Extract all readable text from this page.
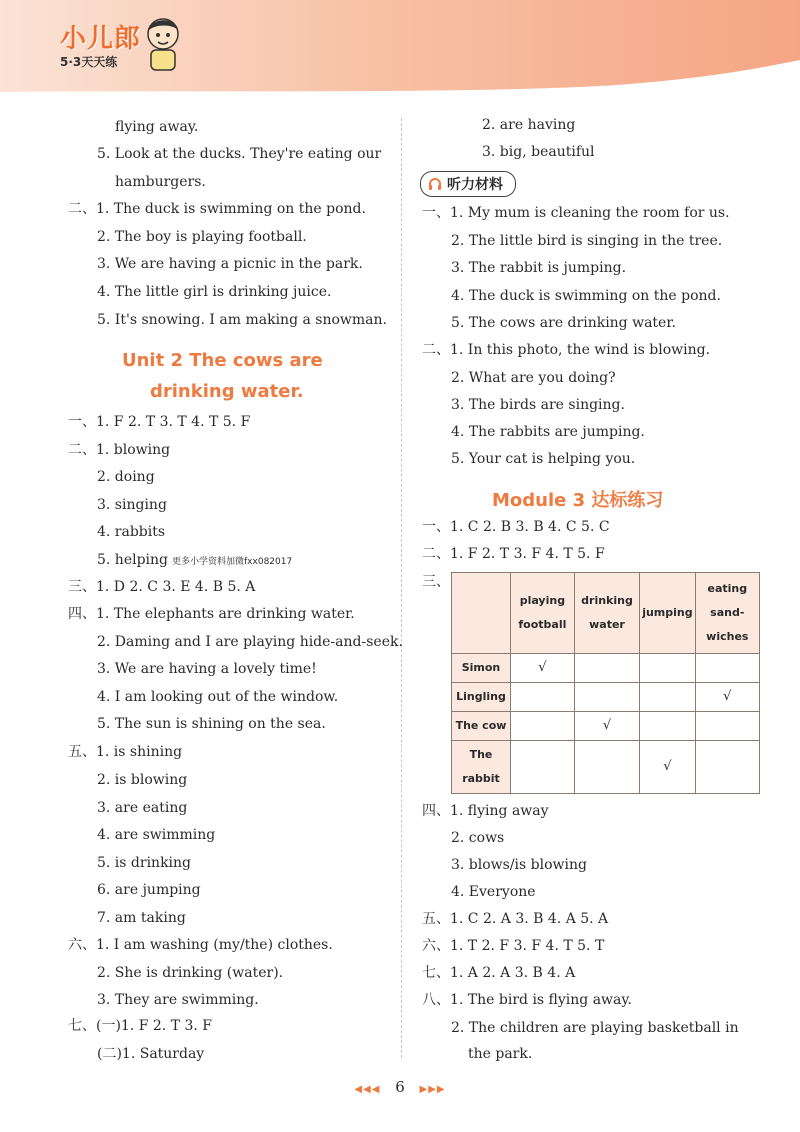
小儿郎
5·3天天练
flying away.
5. Look at the ducks. They're eating our
hamburgers.
二、1. The duck is swimming on the pond.
2. The boy is playing football.
3. We are having a picnic in the park.
4. The little girl is drinking juice.
5. It's snowing. I am making a snowman.
一、1. F 2. T 3. T 4. T 5. F
二、1. blowing
2. doing
3. singing
4. rabbits
三、1. D 2. C 3. E 4. B 5. A
四、1. The elephants are drinking water.
2. Daming and I are playing hide-and-seek.
3. We are having a lovely time!
4. I am looking out of the window.
5. The sun is shining on the sea.
五、1. is shining
2. is blowing
3. are eating
4. are swimming
5. is drinking
6. are jumping
7. am taking
六、1. I am washing (my/the) clothes.
2. She is drinking (water).
3. They are swimming.
七、(一)1. F 2. T 3. F
(二)1. Saturday
5. helping 更多小学资料加微fxx082017
Unit 2 The cows are
drinking water.
2. are having
3. big, beautiful
一、1. My mum is cleaning the room for us.
2. The little bird is singing in the tree.
3. The rabbit is jumping.
4. The duck is swimming on the pond.
5. The cows are drinking water.
二、1. In this photo, the wind is blowing.
2. What are you doing?
3. The birds are singing.
4. The rabbits are jumping.
5. Your cat is helping you.
一、1. C 2. B 3. B 4. C 5. C
二、1. F 2. T 3. F 4. T 5. F
三、
四、1. flying away
2. cows
3. blows/is blowing
4. Everyone
五、1. C 2. A 3. B 4. A 5. A
六、1. T 2. F 3. F 4. T 5. T
七、1. A 2. A 3. B 4. A
八、1. The bird is flying away.
2. The children are playing basketball in
the park.
听力材料
Module 3 达标练习
	playing football	drinking water	jumping	eating sand-wiches
Simon	√			
Lingling				√
The cow		√		
The rabbit			√	
◀◀◀ 6 ▶▶▶
